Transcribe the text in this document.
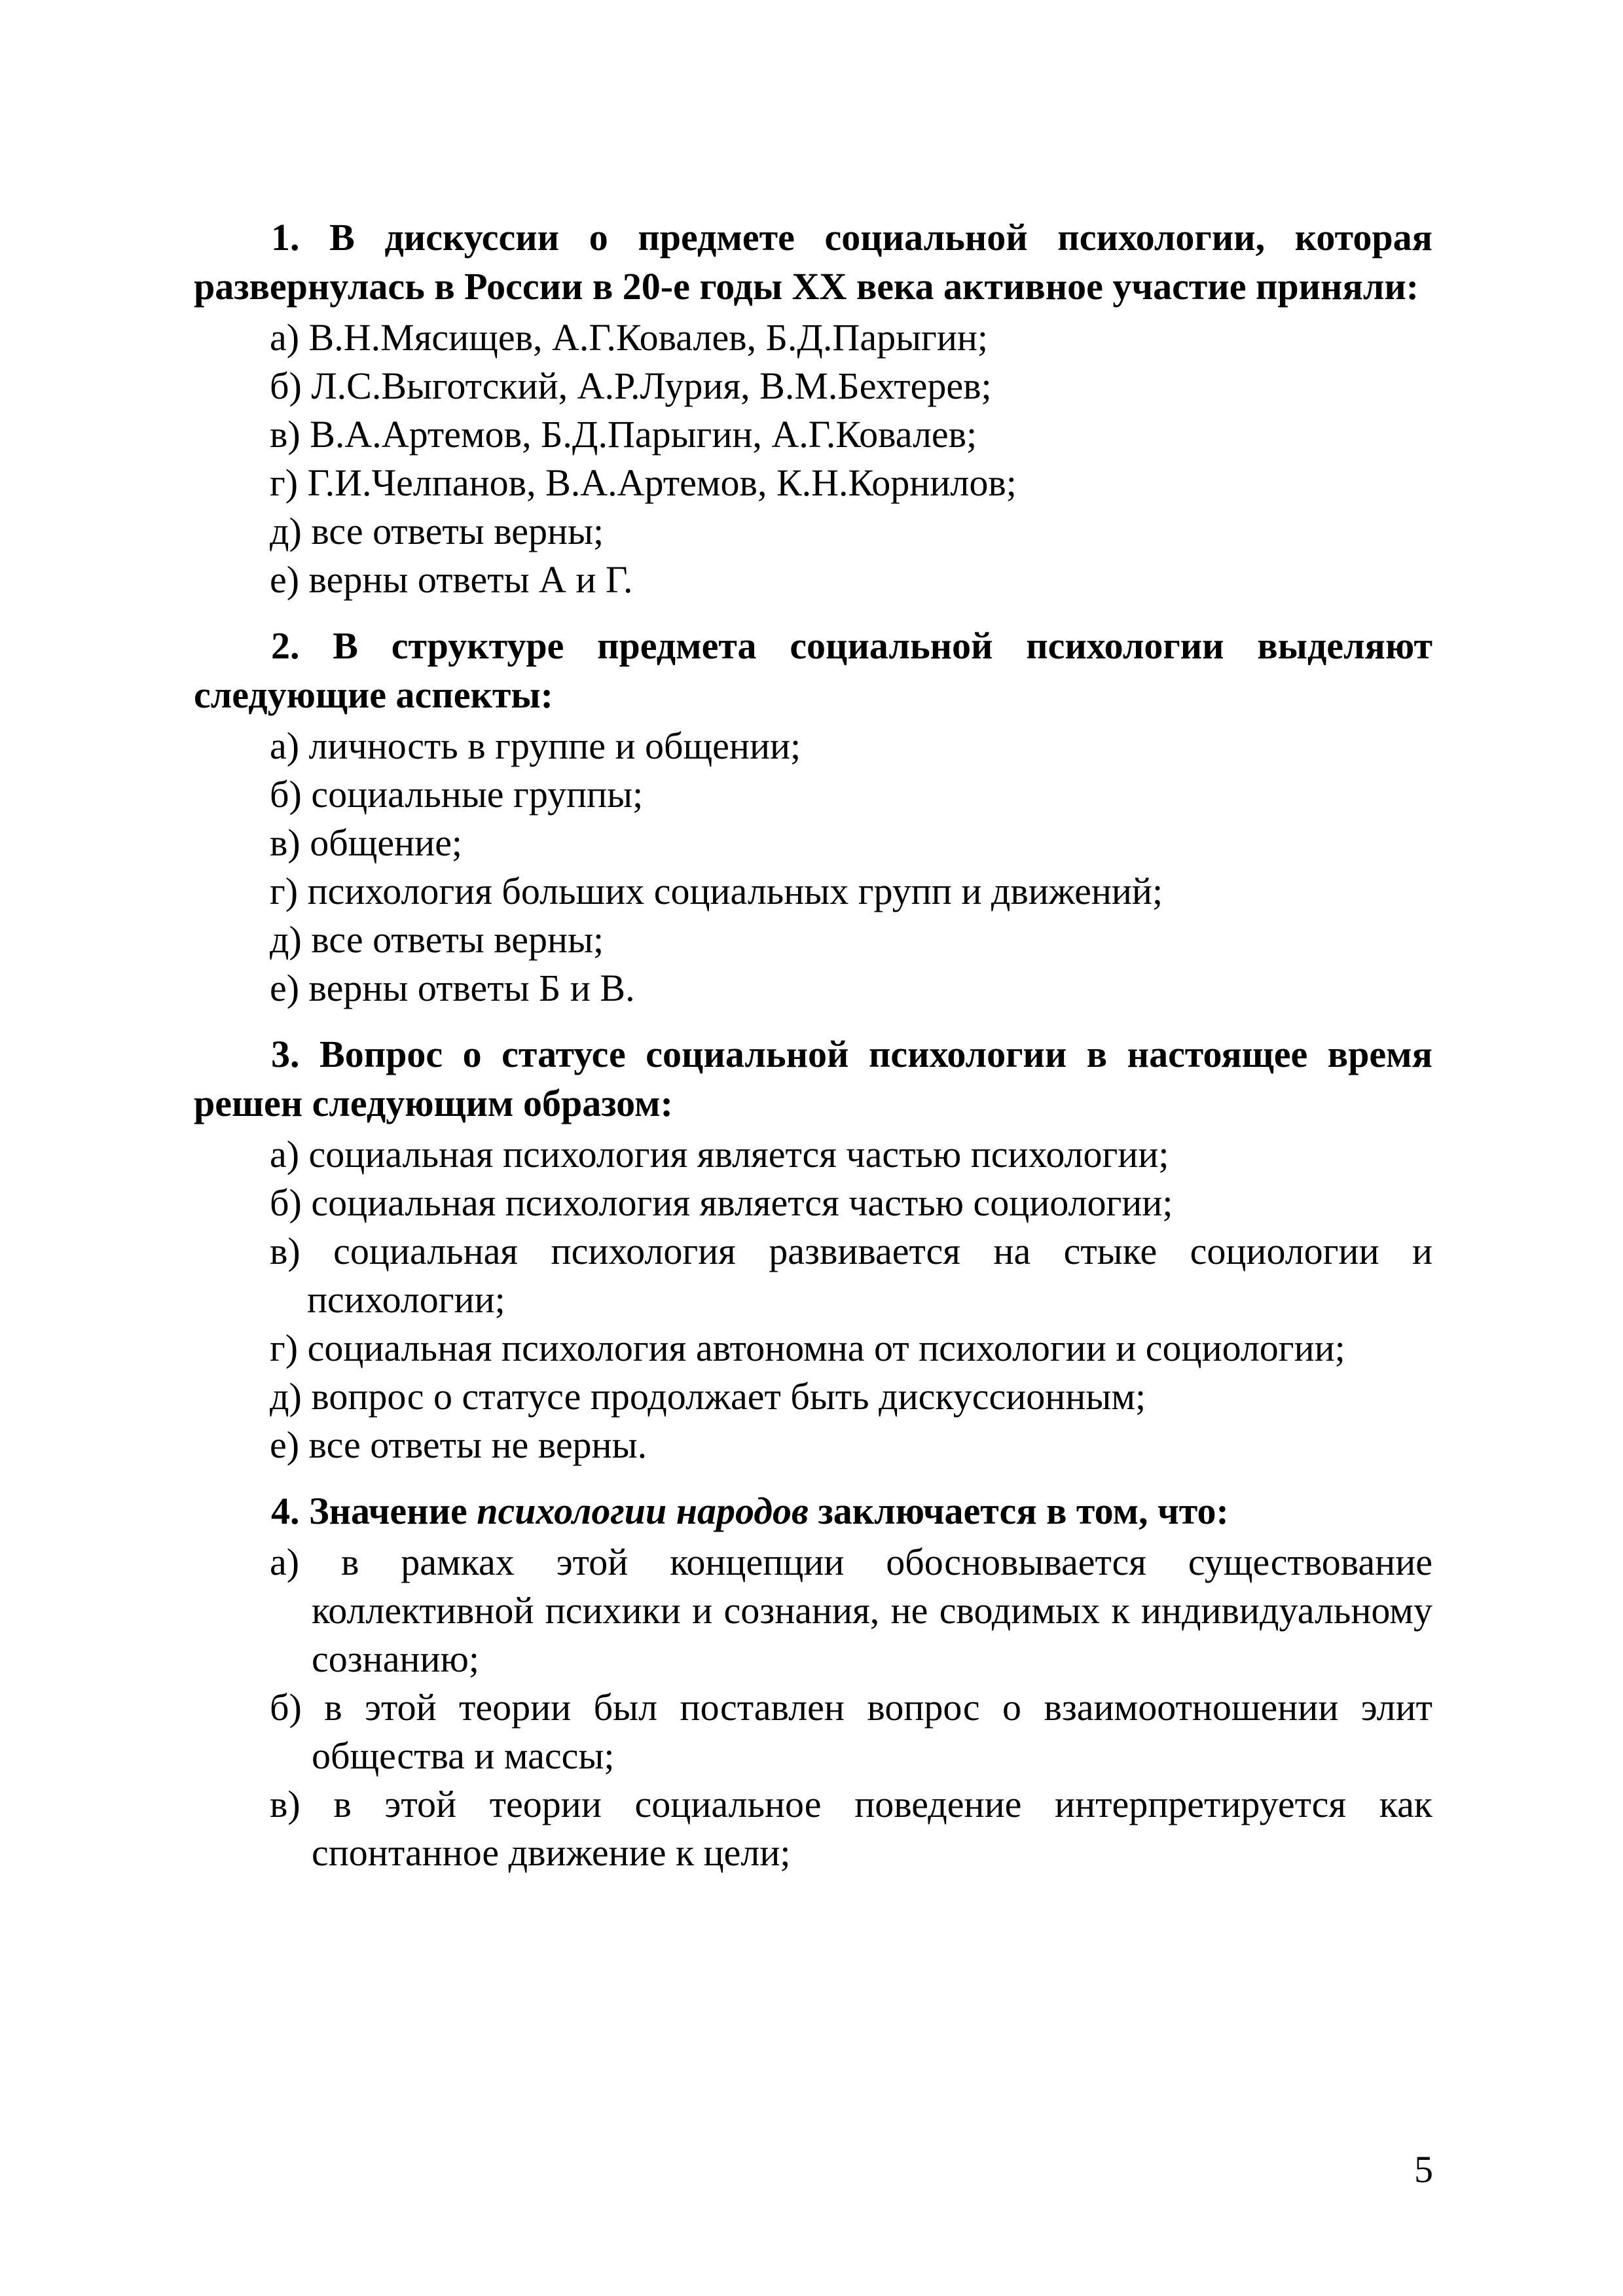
1. В дискуссии о предмете социальной психологии, которая развернулась в России в 20-е годы XX века активное участие приняли:

а) В.Н.Мясищев, А.Г.Ковалев, Б.Д.Парыгин;
б) Л.С.Выготский, А.Р.Лурия, В.М.Бехтерев;
в) В.А.Артемов, Б.Д.Парыгин, А.Г.Ковалев;
г) Г.И.Челпанов, В.А.Артемов, К.Н.Корнилов;
д) все ответы верны;
е) верны ответы А и Г.

2. В структуре предмета социальной психологии выделяют следующие аспекты:

а) личность в группе и общении;
б) социальные группы;
в) общение;
г) психология больших социальных групп и движений;
д) все ответы верны;
е) верны ответы Б и В.

3. Вопрос о статусе социальной психологии в настоящее время решен следующим образом:

а) социальная психология является частью психологии;
б) социальная психология является частью социологии;
в) социальная психология развивается на стыке социологии и психологии;
г) социальная психология автономна от психологии и социологии;
д) вопрос о статусе продолжает быть дискуссионным;
е) все ответы не верны.

4. Значение психологии народов заключается в том, что:

а) в рамках этой концепции обосновывается существование коллективной психики и сознания, не сводимых к индивидуальному сознанию;
б) в этой теории был поставлен вопрос о взаимоотношении элит общества и массы;
в) в этой теории социальное поведение интерпретируется как спонтанное движение к цели;
5
